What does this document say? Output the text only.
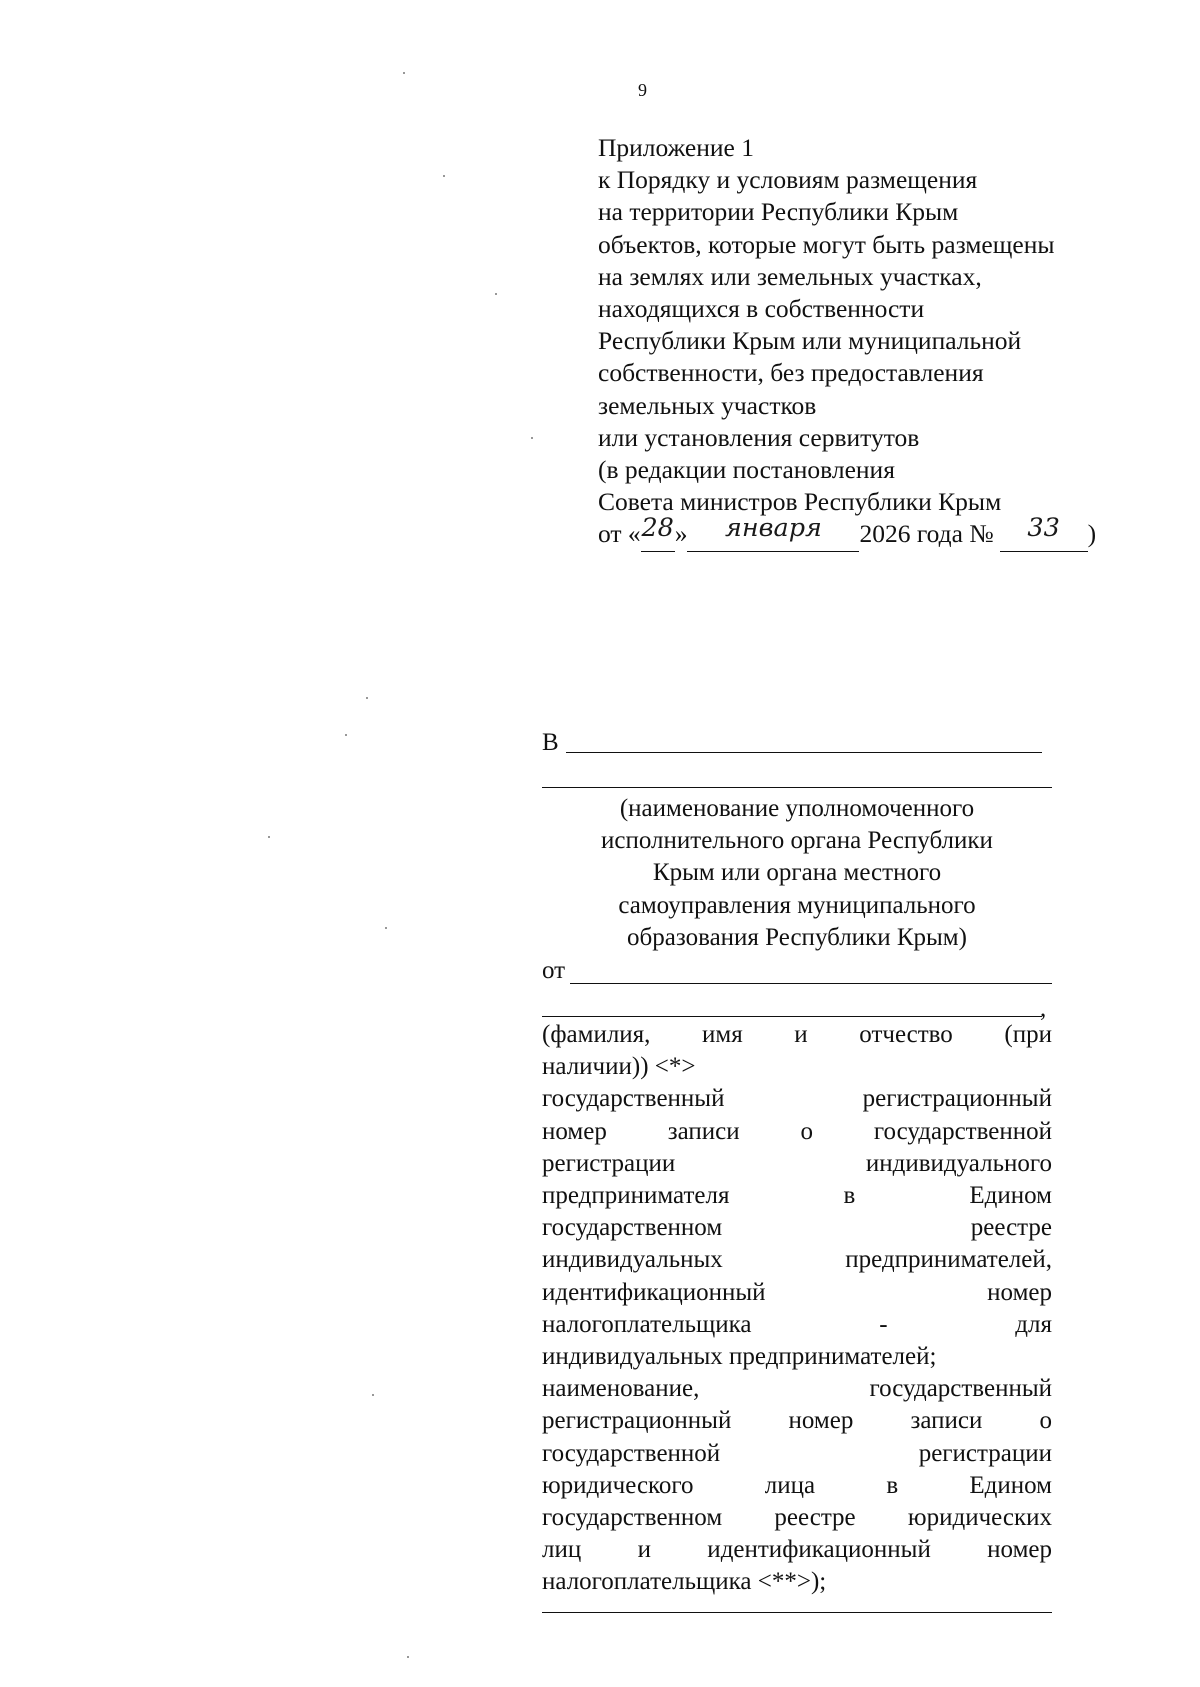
9
Приложение 1
к Порядку и условиям размещения
на территории Республики Крым
объектов, которые могут быть размещены
на землях или земельных участках,
находящихся в собственности
Республики Крым или муниципальной
собственности, без предоставления
земельных участков
или установления сервитутов
(в редакции постановления
Совета министров Республики Крым
от «28» января 2026 года № 33 )
В
(наименование уполномоченного
исполнительного органа Республики
Крым или органа местного
самоуправления муниципального
образования Республики Крым)
от
,
(фамилия, имя и отчество (при
наличии)) <*>
государственный регистрационный
номер записи о государственной
регистрации индивидуального
предпринимателя в Едином
государственном реестре
индивидуальных предпринимателей,
идентификационный номер
налогоплательщика - для
индивидуальных предпринимателей;
наименование, государственный
регистрационный номер записи о
государственной регистрации
юридического лица в Едином
государственном реестре юридических
лиц и идентификационный номер
налогоплательщика <**>);
